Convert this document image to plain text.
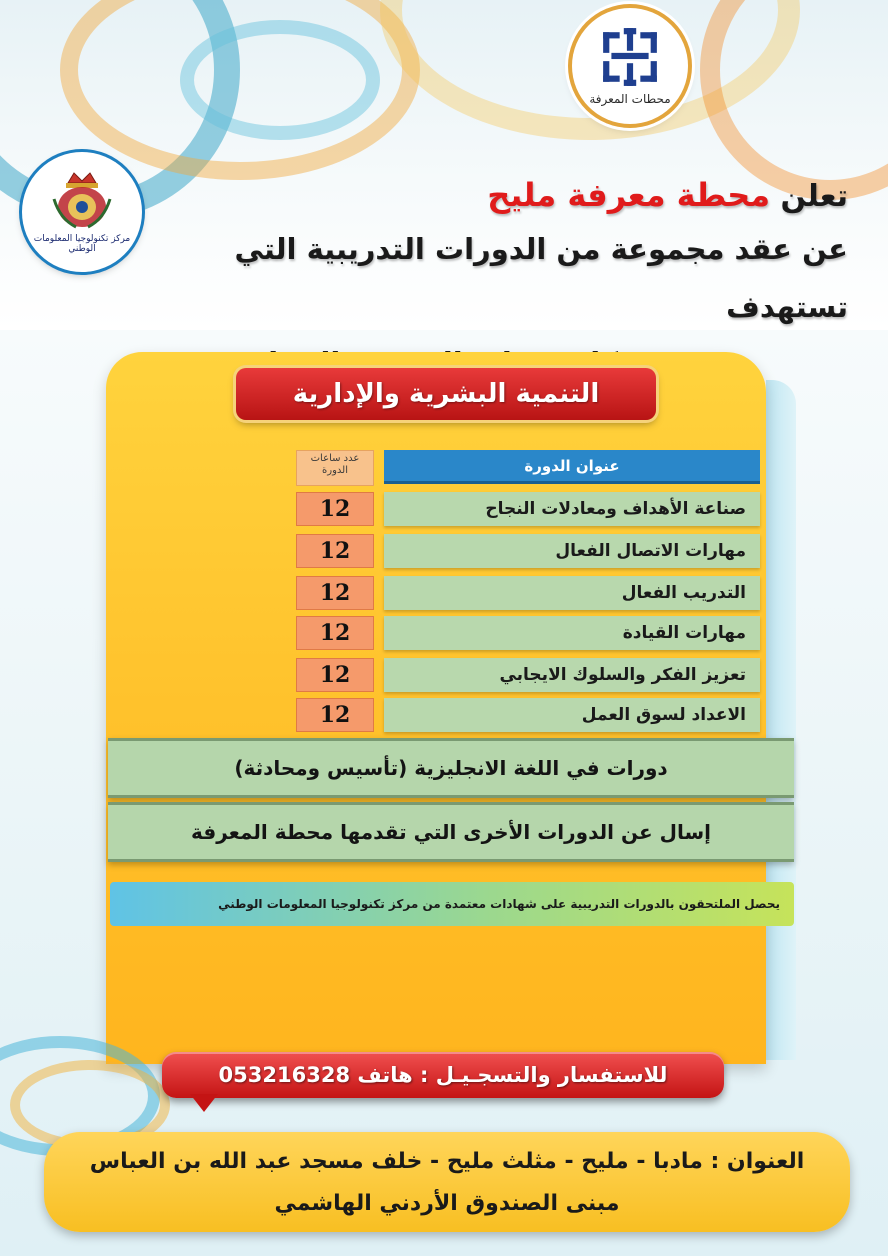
محطات المعرفة
مركز تكنولوجيا المعلومات الوطني
تعلن محطة معرفة مليح
عن عقد مجموعة من الدورات التدريبية التي تستهدف
التنمية البشرية والإدارية
عدد ساعات الدورة	عنوان الدورة
صناعة الأهداف ومعادلات النجاح
12
مهارات الاتصال الفعال
12
التدريب الفعال
12
مهارات القيادة
12
تعزيز الفكر والسلوك الايجابي
12
الاعداد لسوق العمل
12
دورات في اللغة الانجليزية (تأسيس ومحادثة)
إسال عن الدورات الأخرى التي تقدمها محطة المعرفة
يحصل الملتحقون بالدورات التدريبية على شهادات معتمدة من مركز تكنولوجيا المعلومات الوطني
للاستفسار والتسجـيـل : هاتف 053216328
العنوان : مادبا - مليح - مثلث مليح - خلف مسجد عبد الله بن العباس
مبنى الصندوق الأردني الهاشمي
